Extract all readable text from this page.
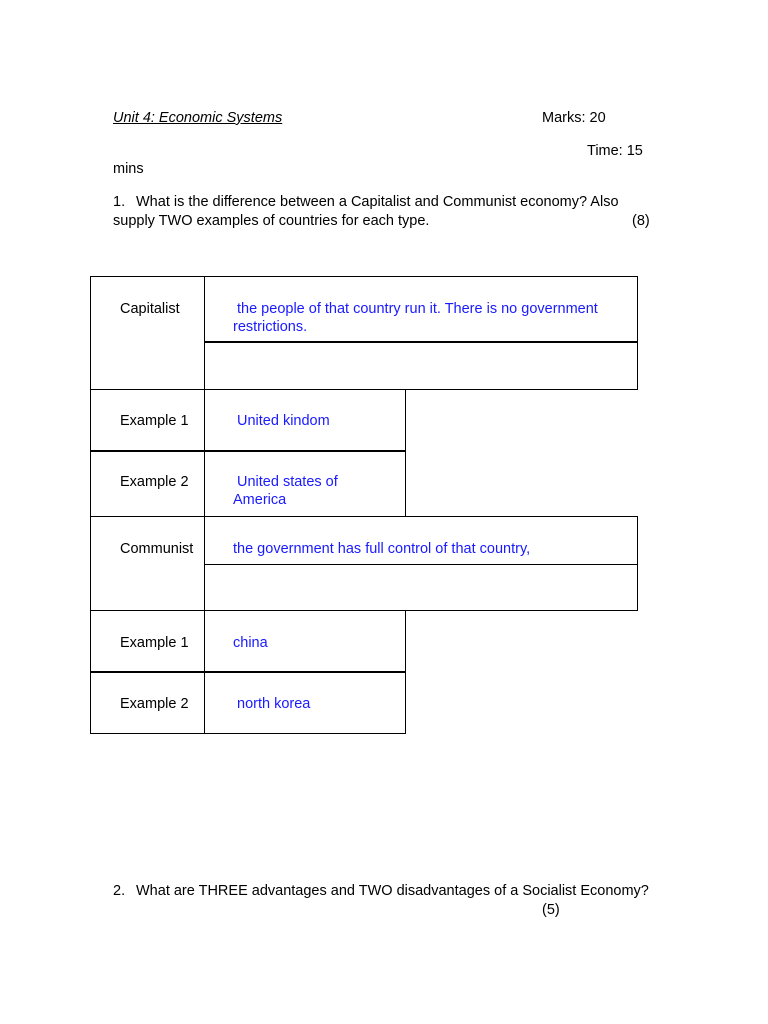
Unit 4: Economic Systems	Marks: 20
Time: 15
mins
1. What is the difference between a Capitalist and Communist economy? Also
supply TWO examples of countries for each type.	(8)
Capitalist	the people of that country run it. There is no government restrictions.
Example 1	United kindom
Example 2	United states of America
Communist	the government has full control of that country,
Example 1	china
Example 2	north korea
2. What are THREE advantages and TWO disadvantages of a Socialist Economy?
(5)
